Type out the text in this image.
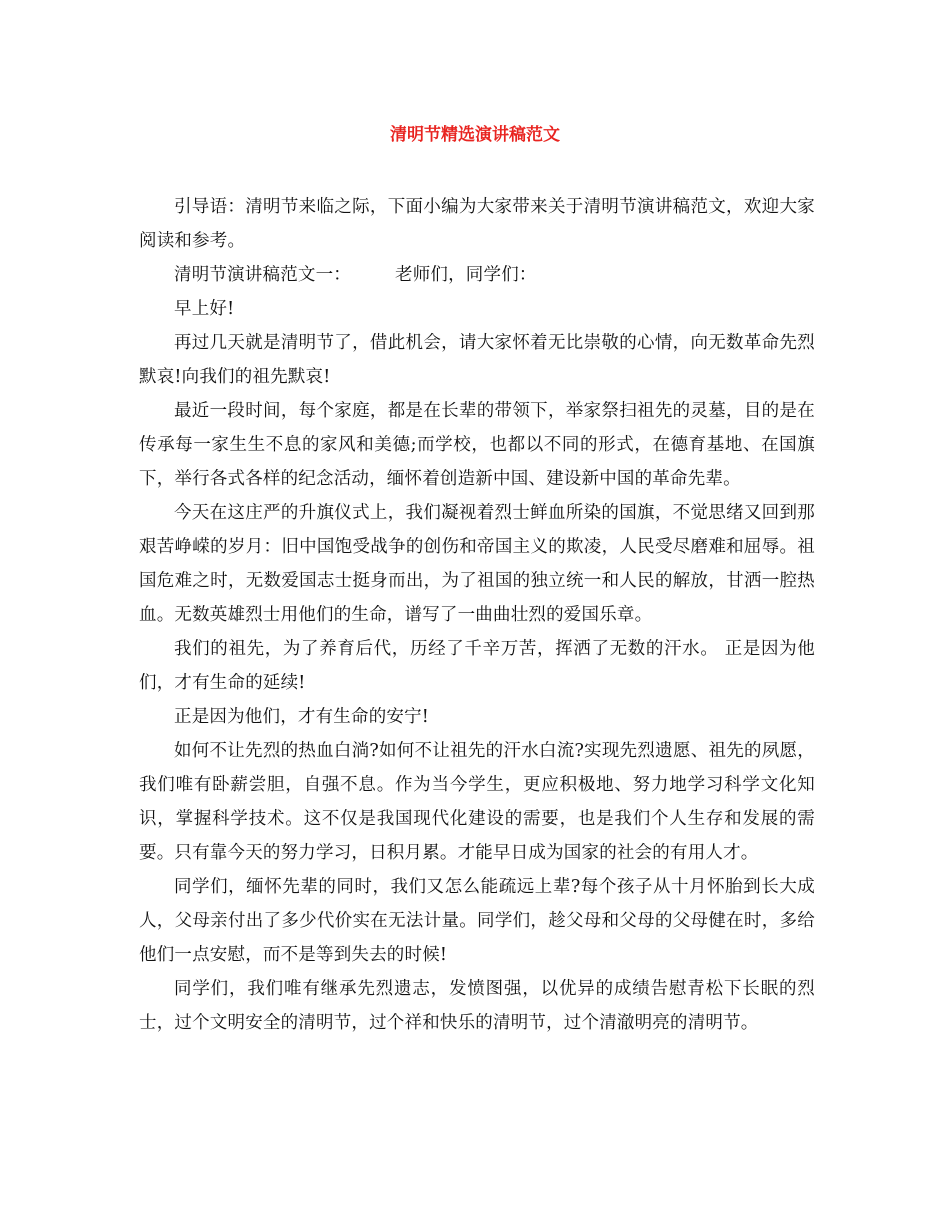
清明节精选演讲稿范文

引导语：清明节来临之际，下面小编为大家带来关于清明节演讲稿范文，欢迎大家阅读和参考。

清明节演讲稿范文一：	老师们，同学们：

早上好!

再过几天就是清明节了，借此机会，请大家怀着无比崇敬的心情，向无数革命先烈默哀!向我们的祖先默哀!

最近一段时间，每个家庭，都是在长辈的带领下，举家祭扫祖先的灵墓，目的是在传承每一家生生不息的家风和美德;而学校，也都以不同的形式，在德育基地、在国旗下，举行各式各样的纪念活动，缅怀着创造新中国、建设新中国的革命先辈。

今天在这庄严的升旗仪式上，我们凝视着烈士鲜血所染的国旗，不觉思绪又回到那艰苦峥嵘的岁月：旧中国饱受战争的创伤和帝国主义的欺凌，人民受尽磨难和屈辱。祖国危难之时，无数爱国志士挺身而出，为了祖国的独立统一和人民的解放，甘洒一腔热血。无数英雄烈士用他们的生命，谱写了一曲曲壮烈的爱国乐章。

我们的祖先，为了养育后代，历经了千辛万苦，挥洒了无数的汗水。 正是因为他们，才有生命的延续!

正是因为他们，才有生命的安宁!

如何不让先烈的热血白淌?如何不让祖先的汗水白流?实现先烈遗愿、祖先的夙愿，我们唯有卧薪尝胆，自强不息。作为当今学生，更应积极地、努力地学习科学文化知识，掌握科学技术。这不仅是我国现代化建设的需要，也是我们个人生存和发展的需要。只有靠今天的努力学习，日积月累。才能早日成为国家的社会的有用人才。

同学们，缅怀先辈的同时，我们又怎么能疏远上辈?每个孩子从十月怀胎到长大成人，父母亲付出了多少代价实在无法计量。同学们，趁父母和父母的父母健在时，多给他们一点安慰，而不是等到失去的时候!

同学们，我们唯有继承先烈遗志，发愤图强，以优异的成绩告慰青松下长眠的烈士，过个文明安全的清明节，过个祥和快乐的清明节，过个清澈明亮的清明节。
